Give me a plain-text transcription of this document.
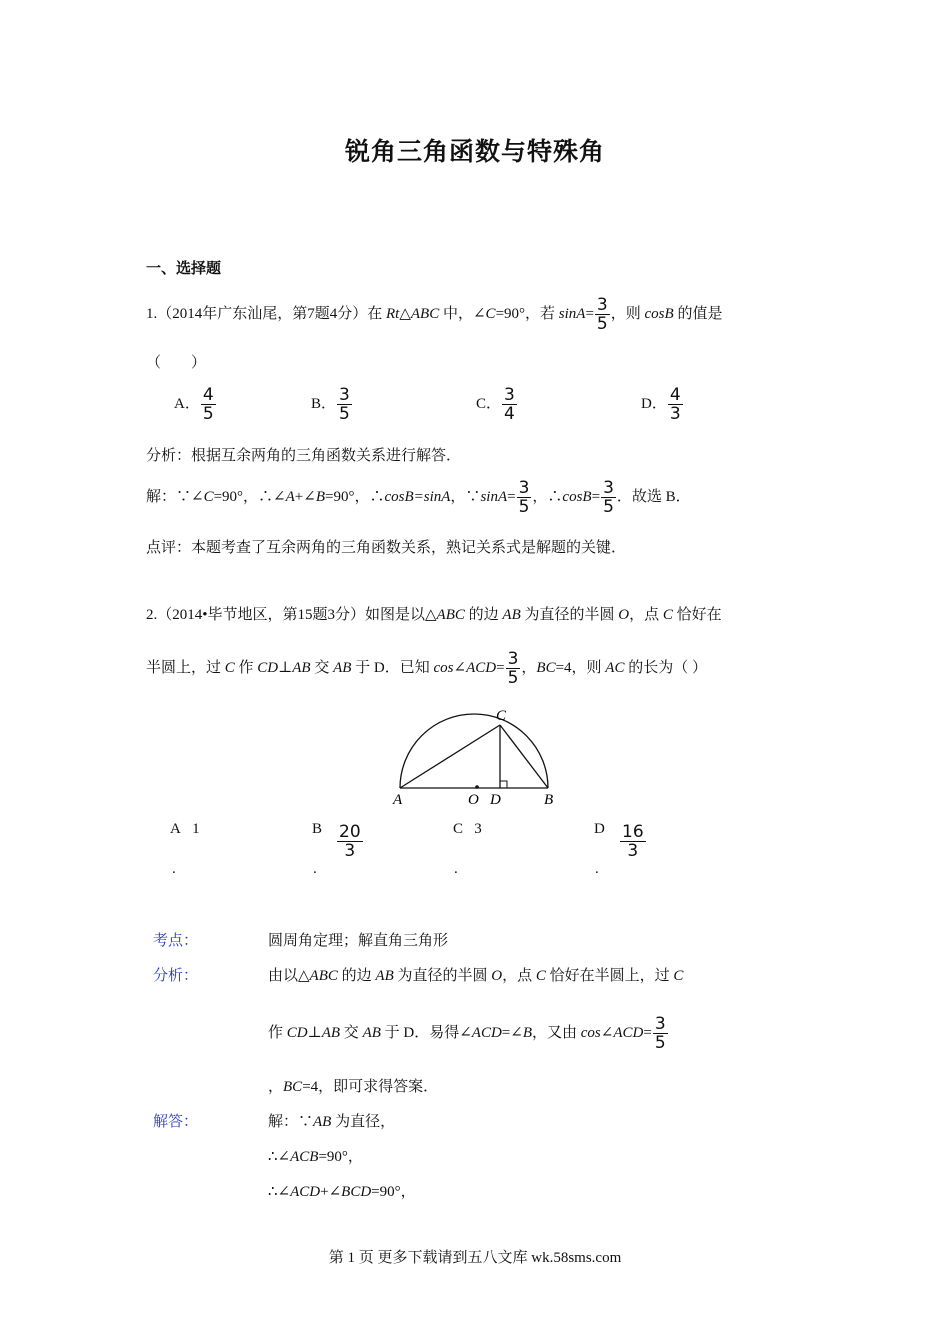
锐角三角函数与特殊角
一、选择题
1.（2014年广东汕尾，第7题4分）在 Rt△ABC 中，∠C=90°，若 $\sin A= \frac{3}{5}$ ，则 cosB 的值是
（　　）
A． $\frac{4}{5}$	B． $\frac{3}{5}$	C． $\frac{3}{4}$	D． $\frac{4}{3}$
分析：根据互余两角的三角函数关系进行解答．
解：∵∠C=90°，∴∠A+∠B=90°，∴cosB=sinA，∵sinA= $\frac{3}{5}$ ，∴cosB= $\frac{3}{5}$ ．故选 B．
点评：本题考查了互余两角的三角函数关系，熟记关系式是解题的关键．
2.（2014•毕节地区，第15题3分）如图是以△ABC 的边 AB 为直径的半圆 O，点 C 恰好在
半圆上，过 C 作 CD⊥AB 交 AB 于 D．已知 cos∠ACD= $\frac{3}{5}$ ，BC=4，则 AC 的长为（ ）
A	B
C
D
O
A 1
.
B $\frac{20}{3}$
.
C 3
.
D $\frac{16}{3}$
.
考点：	圆周角定理；解直角三角形
分析：	由以△ABC 的边 AB 为直径的半圆 O，点 C 恰好在半圆上，过 C
作 CD⊥AB 交 AB 于 D．易得∠ACD=∠B，又由 cos∠ACD= $\frac{3}{5}$
，BC=4，即可求得答案．
解答：	解：∵AB 为直径，
∴∠ACB=90°，
∴∠ACD+∠BCD=90°，
第 1 页 更多下载请到五八文库 wk.58sms.com
